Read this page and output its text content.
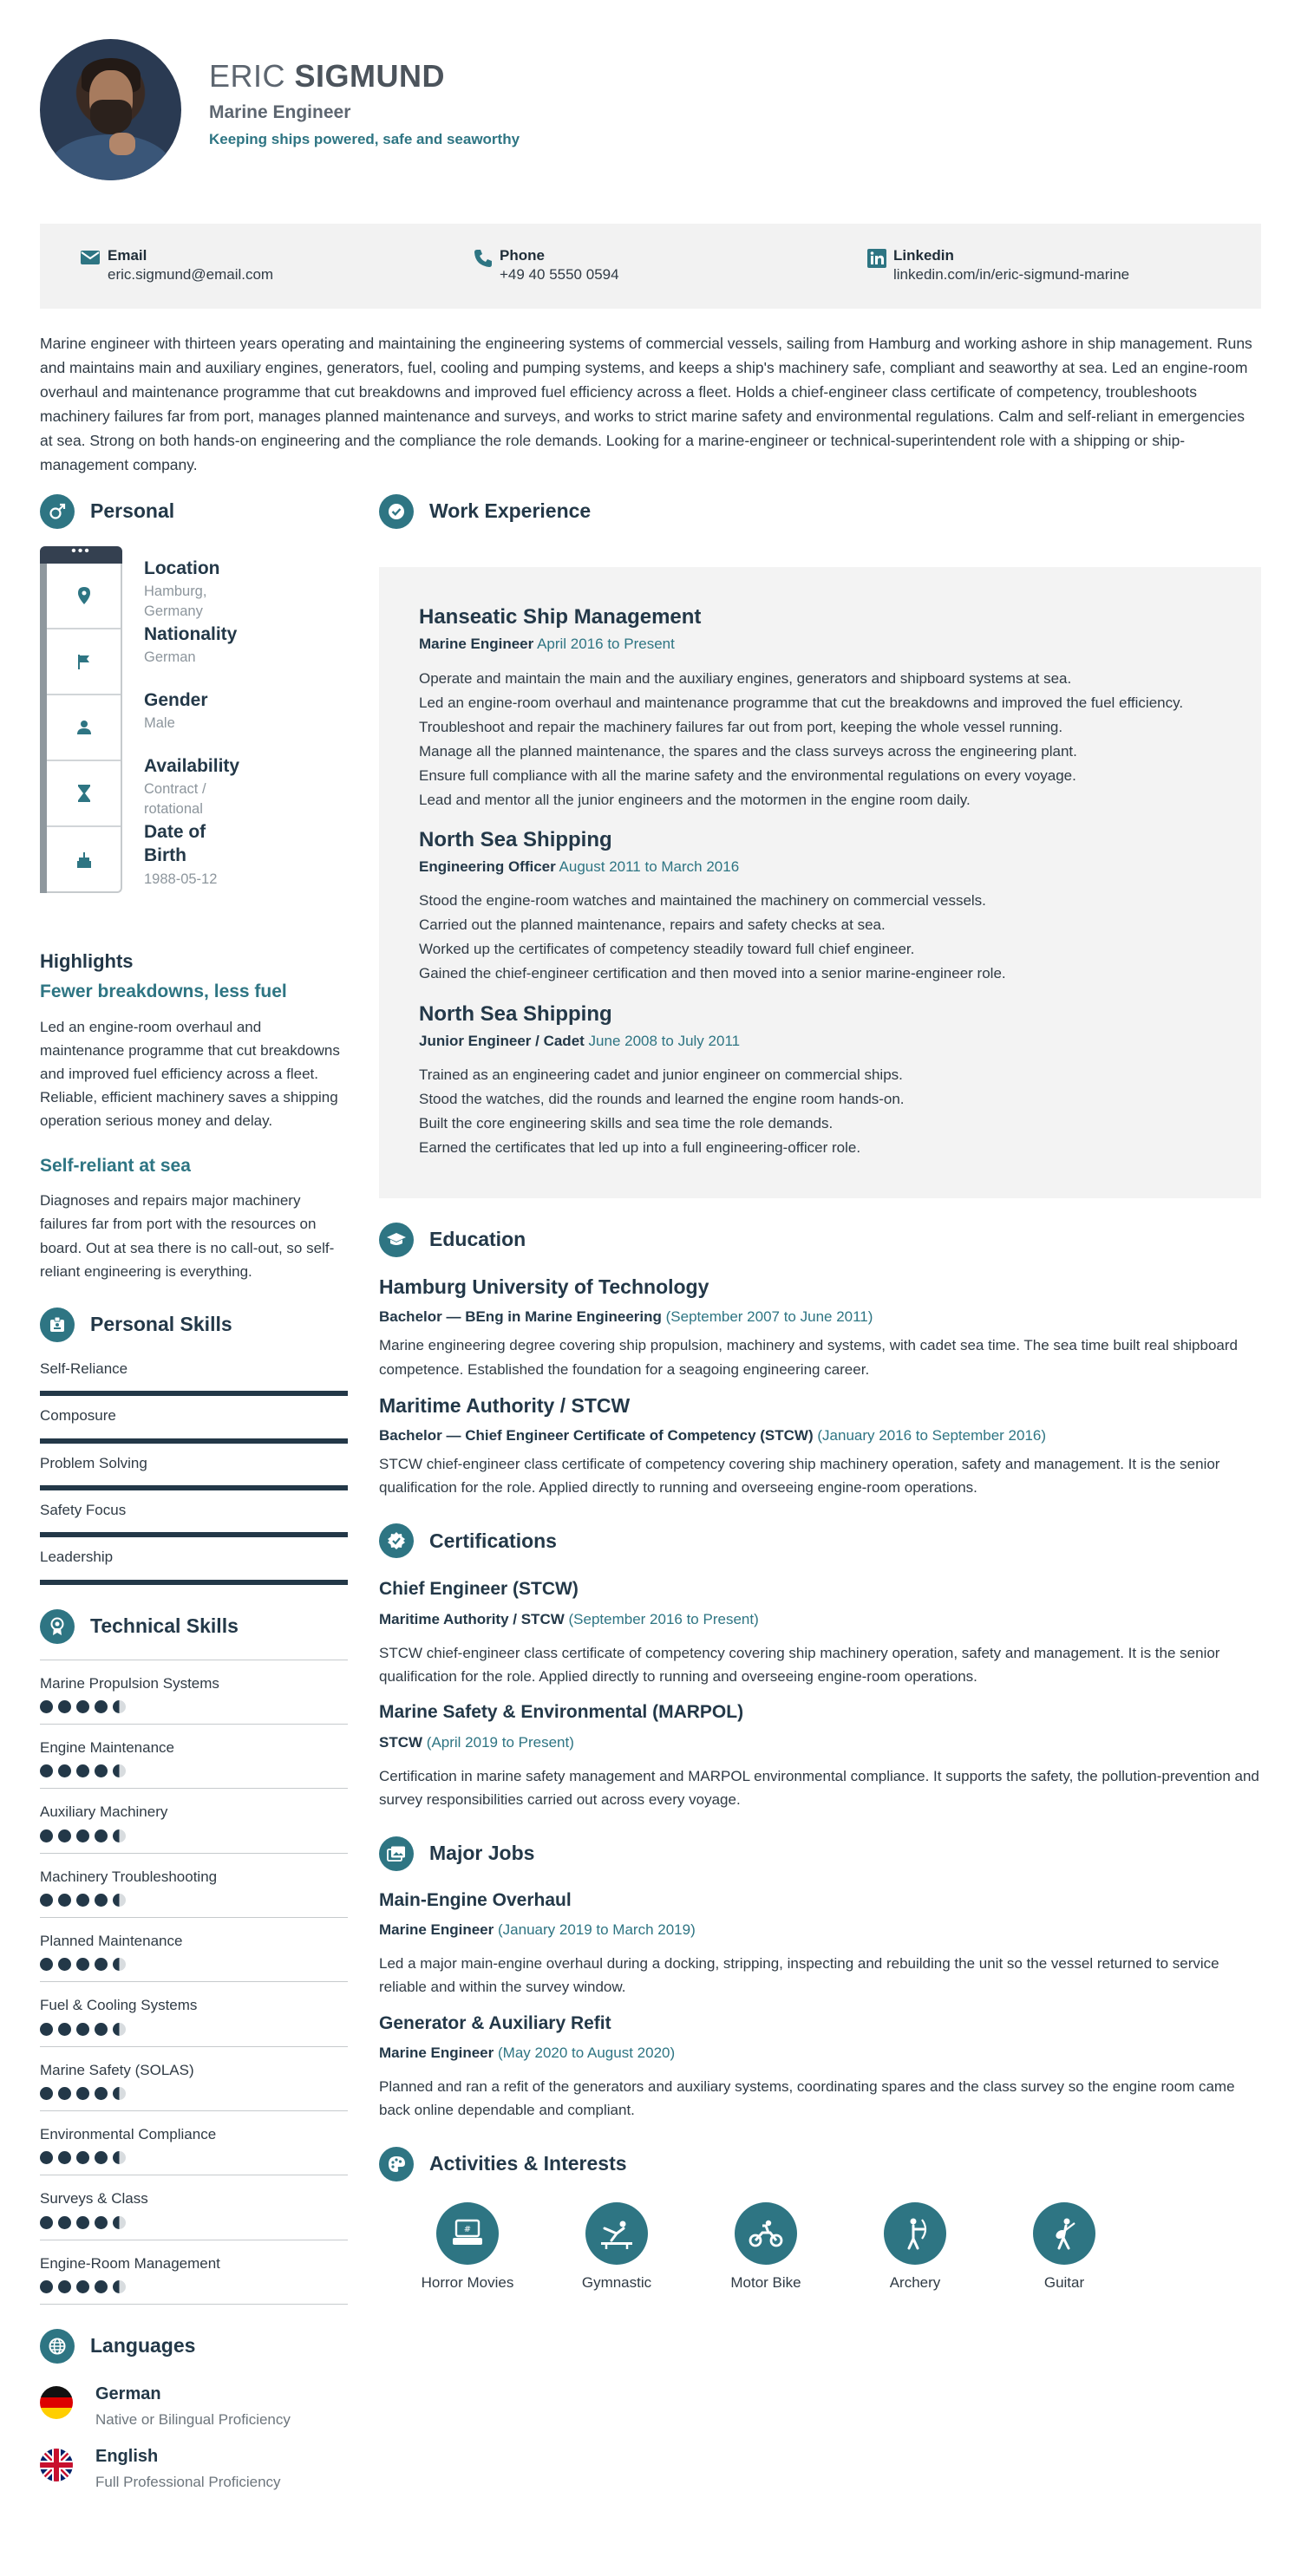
ERIC SIGMUND
Marine Engineer
Keeping ships powered, safe and seaworthy
Email
eric.sigmund@email.com
Phone
+49 40 5550 0594
Linkedin
linkedin.com/in/eric-sigmund-marine

Marine engineer with thirteen years operating and maintaining the engineering systems of commercial vessels, sailing from Hamburg and working ashore in ship management. Runs and maintains main and auxiliary engines, generators, fuel, cooling and pumping systems, and keeps a ship's machinery safe, compliant and seaworthy at sea. Led an engine-room overhaul and maintenance programme that cut breakdowns and improved fuel efficiency across a fleet. Holds a chief-engineer class certificate of competency, troubleshoots machinery failures far from port, manages planned maintenance and surveys, and works to strict marine safety and environmental regulations. Calm and self-reliant in emergencies at sea. Strong on both hands-on engineering and the compliance the role demands. Looking for a marine-engineer or technical-superintendent role with a shipping or ship-management company.

Personal
•••
Location
Hamburg, Germany
Nationality
German
Gender
Male
Availability
Contract / rotational
Date of Birth
1988-05-12
Highlights
Fewer breakdowns, less fuel

Led an engine-room overhaul and maintenance programme that cut breakdowns and improved fuel efficiency across a fleet. Reliable, efficient machinery saves a shipping operation serious money and delay.

Self-reliant at sea

Diagnoses and repairs major machinery failures far from port with the resources on board. Out at sea there is no call-out, so self-reliant engineering is everything.

Personal Skills
Self-Reliance
Composure
Problem Solving
Safety Focus
Leadership
Technical Skills
Marine Propulsion Systems
Engine Maintenance
Auxiliary Machinery
Machinery Troubleshooting
Planned Maintenance
Fuel & Cooling Systems
Marine Safety (SOLAS)
Environmental Compliance
Surveys & Class
Engine-Room Management
Languages
German
Native or Bilingual Proficiency
English
Full Professional Proficiency
Work Experience
Hanseatic Ship Management
Marine Engineer April 2016 to Present
Operate and maintain the main and the auxiliary engines, generators and shipboard systems at sea.
Led an engine-room overhaul and maintenance programme that cut the breakdowns and improved the fuel efficiency.
Troubleshoot and repair the machinery failures far out from port, keeping the whole vessel running.
Manage all the planned maintenance, the spares and the class surveys across the engineering plant.
Ensure full compliance with all the marine safety and the environmental regulations on every voyage.
Lead and mentor all the junior engineers and the motormen in the engine room daily.
North Sea Shipping
Engineering Officer August 2011 to March 2016
Stood the engine-room watches and maintained the machinery on commercial vessels.
Carried out the planned maintenance, repairs and safety checks at sea.
Worked up the certificates of competency steadily toward full chief engineer.
Gained the chief-engineer certification and then moved into a senior marine-engineer role.
North Sea Shipping
Junior Engineer / Cadet June 2008 to July 2011
Trained as an engineering cadet and junior engineer on commercial ships.
Stood the watches, did the rounds and learned the engine room hands-on.
Built the core engineering skills and sea time the role demands.
Earned the certificates that led up into a full engineering-officer role.
Education
Hamburg University of Technology
Bachelor — BEng in Marine Engineering (September 2007 to June 2011)

Marine engineering degree covering ship propulsion, machinery and systems, with cadet sea time. The sea time built real shipboard competence. Established the foundation for a seagoing engineering career.

Maritime Authority / STCW
Bachelor — Chief Engineer Certificate of Competency (STCW) (January 2016 to September 2016)

STCW chief-engineer class certificate of competency covering ship machinery operation, safety and management. It is the senior qualification for the role. Applied directly to running and overseeing engine-room operations.

Certifications
Chief Engineer (STCW)
Maritime Authority / STCW (September 2016 to Present)

STCW chief-engineer class certificate of competency covering ship machinery operation, safety and management. It is the senior qualification for the role. Applied directly to running and overseeing engine-room operations.

Marine Safety & Environmental (MARPOL)
STCW (April 2019 to Present)

Certification in marine safety management and MARPOL environmental compliance. It supports the safety, the pollution-prevention and survey responsibilities carried out across every voyage.

Major Jobs
Main-Engine Overhaul
Marine Engineer (January 2019 to March 2019)

Led a major main-engine overhaul during a docking, stripping, inspecting and rebuilding the unit so the vessel returned to service reliable and within the survey window.

Generator & Auxiliary Refit
Marine Engineer (May 2020 to August 2020)

Planned and ran a refit of the generators and auxiliary systems, coordinating spares and the class survey so the engine room came back online dependable and compliant.

Activities & Interests
#
Horror Movies	Gymnastic	Motor Bike	Archery	Guitar
